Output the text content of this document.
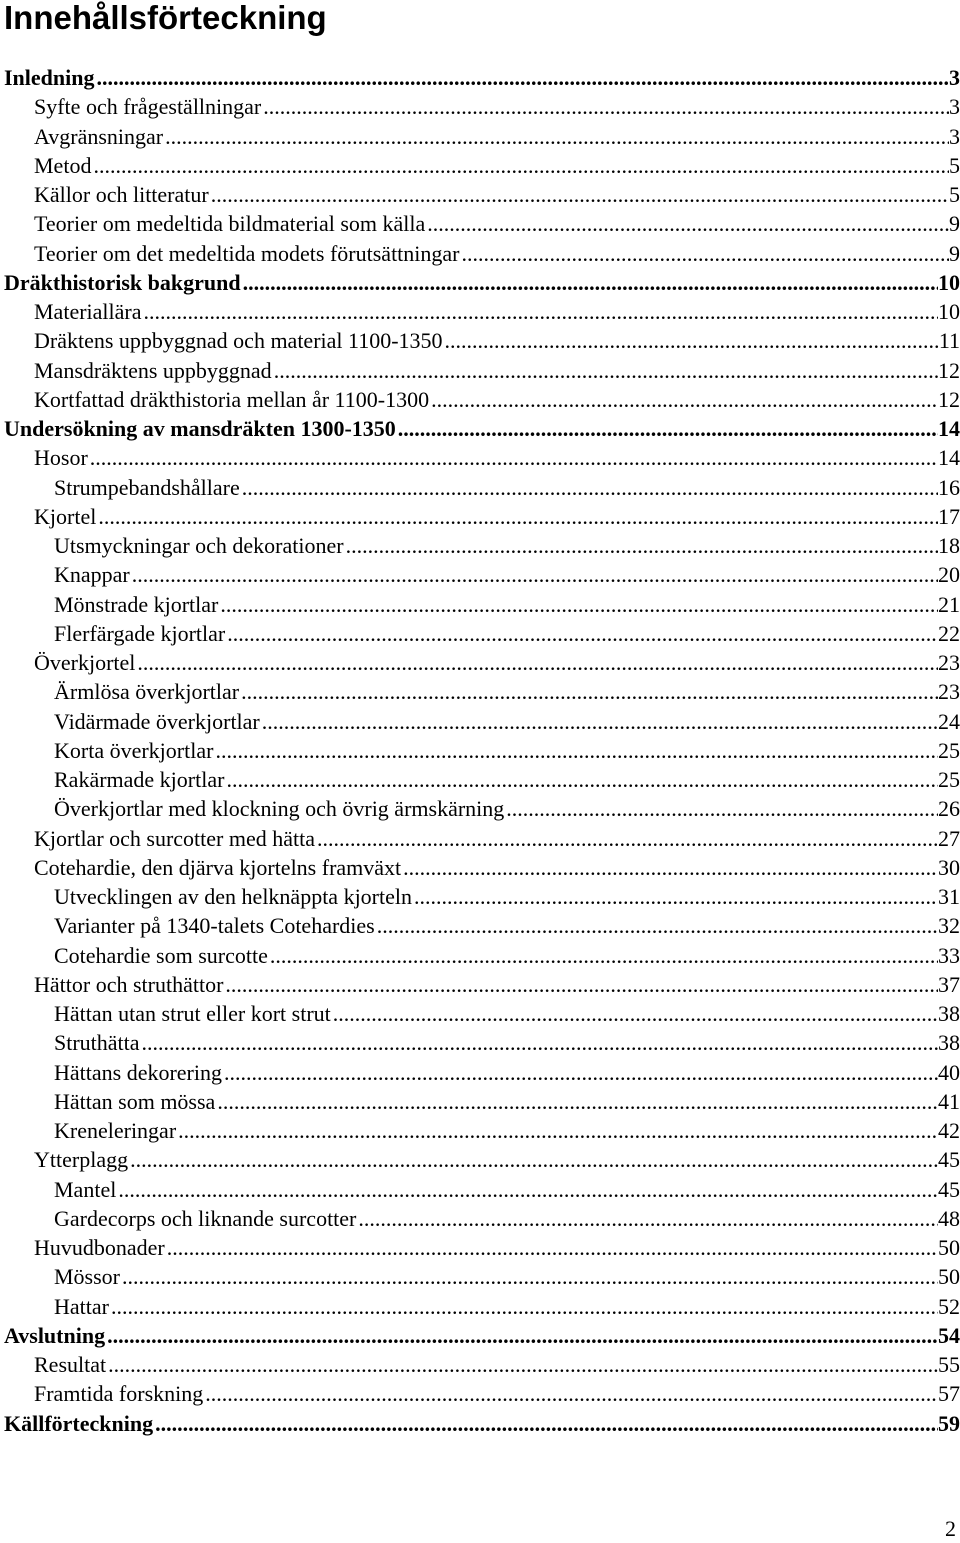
Innehållsförteckning
Inledning .....	3
Syfte och frågeställningar .....	3
Avgränsningar .....	3
Metod .....	5
Källor och litteratur .....	5
Teorier om medeltida bildmaterial som källa .....	9
Teorier om det medeltida modets förutsättningar .....	9
Dräkthistorisk bakgrund .....	10
Materiallära .....	10
Dräktens uppbyggnad och material 1100-1350 .....	11
Mansdräktens uppbyggnad .....	12
Kortfattad dräkthistoria mellan år 1100-1300 .....	12
Undersökning av mansdräkten 1300-1350 .....	14
Hosor .....	14
Strumpebandshållare .....	16
Kjortel .....	17
Utsmyckningar och dekorationer .....	18
Knappar .....	20
Mönstrade kjortlar .....	21
Flerfärgade kjortlar .....	22
Överkjortel .....	23
Ärmlösa överkjortlar .....	23
Vidärmade överkjortlar .....	24
Korta överkjortlar .....	25
Rakärmade kjortlar .....	25
Överkjortlar med klockning och övrig ärmskärning .....	26
Kjortlar och surcotter med hätta .....	27
Cotehardie, den djärva kjortelns framväxt .....	30
Utvecklingen av den helknäppta kjorteln .....	31
Varianter på 1340-talets Cotehardies .....	32
Cotehardie som surcotte .....	33
Hättor och struthättor .....	37
Hättan utan strut eller kort strut .....	38
Struthätta .....	38
Hättans dekorering .....	40
Hättan som mössa .....	41
Kreneleringar .....	42
Ytterplagg .....	45
Mantel .....	45
Gardecorps och liknande surcotter .....	48
Huvudbonader .....	50
Mössor .....	50
Hattar .....	52
Avslutning .....	54
Resultat .....	55
Framtida forskning .....	57
Källförteckning .....	59
2
